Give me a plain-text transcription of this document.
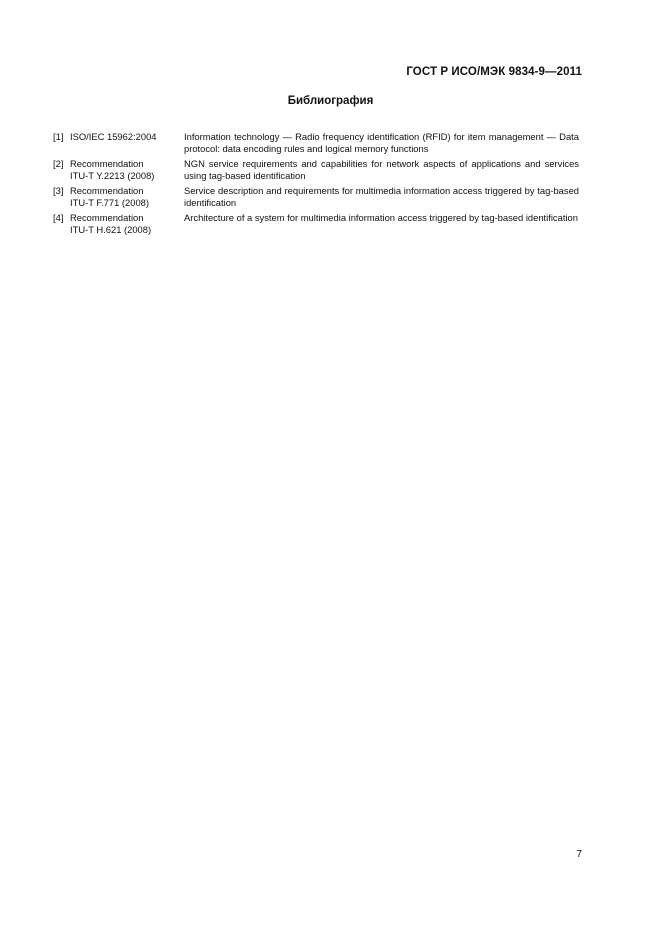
ГОСТ Р ИСО/МЭК 9834-9—2011
Библиография
[1] ISO/IEC 15962:2004	Information technology — Radio frequency identification (RFID) for item management — Data protocol: data encoding rules and logical memory functions
[2] Recommendation
ITU-T Y.2213 (2008)
NGN service requirements and capabilities for network aspects of applications and services using tag-based identification
[3] Recommendation
ITU-T F.771 (2008)
Service description and requirements for multimedia information access triggered by tag-based identification
[4] Recommendation
ITU-T H.621 (2008)
Architecture of a system for multimedia information access triggered by tag-based identification
7
